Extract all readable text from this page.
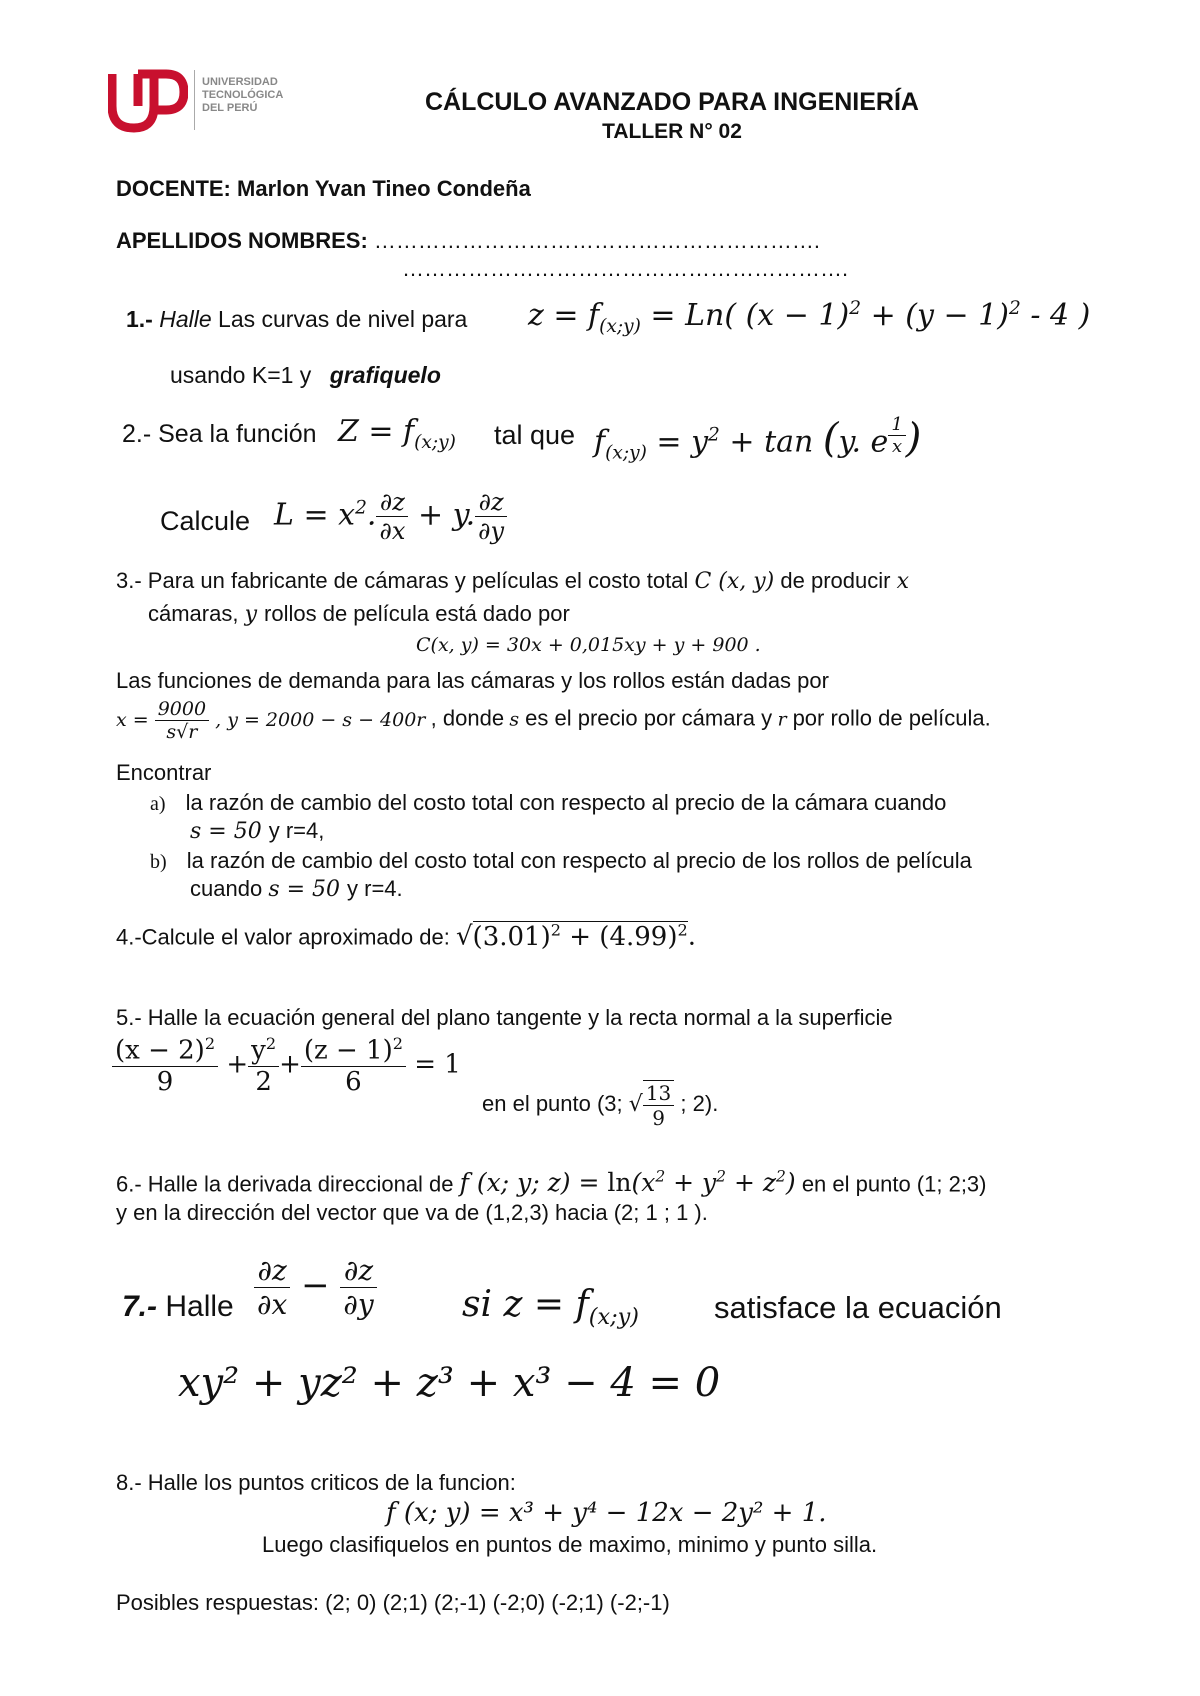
UNIVERSIDAD
TECNOLÓGICA
DEL PERÚ	CÁLCULO AVANZADO PARA INGENIERÍA
TALLER N° 02
DOCENTE: Marlon Yvan Tineo Condeña
APELLIDOS NOMBRES: …………………………………………………….
…………………………………………………….
1.- Halle Las curvas de nivel para $z = f_{(x;y)} = Ln$( $(x - 1)^2 + (y - 1)^2 - 4$ )
usando K=1 y grafiquelo
2.- Sea la función $Z = f_{(x;y)}$ tal que $f_{(x;y)} = y^2 + \tan (y$. e $^{\frac{1}{x}}$ )
Calcule $L = x^2$. $\frac{\partial z}{\partial x} + y$. $\frac{\partial z}{\partial y}$
3.- Para un fabricante de cámaras y películas el costo total C (x, y) de producir x
cámaras, y rollos de película está dado por
C(x, y) = 30x + 0,015xy + y + 900 .
Las funciones de demanda para las cámaras y los rollos están dadas por
$x = \frac{9000}{s√r}$ , y = 2000 − s − 400r , donde s es el precio por cámara y r por rollo de película.
Encontrar
a) la razón de cambio del costo total con respecto al precio de la cámara cuando
s = 50 y r=4,
b) la razón de cambio del costo total con respecto al precio de los rollos de película
cuando s = 50 y r=4.
4.-Calcule el valor aproximado de: $√(3.01)^2 + (4.99)^2$.
5.- Halle la ecuación general del plano tangente y la recta normal a la superficie
$\frac{(x - 2)^2}{9} + \frac{y^2}{2} + \frac{(z - 1)^2}{6} = 1$
en el punto (3; √ $\frac{13}{9}$ ; 2).
6.- Halle la derivada direccional de f (x; y; $z) = \ln(x^2 + y^2 + z^2)$ en el punto (1; 2;3)
y en la dirección del vector que va de (1,2,3) hacia (2; 1 ; 1 ).
7.- Halle $\frac{\partial z}{\partial x} - \frac{\partial z}{\partial y}$ si $z = f_{(x;y)}$ satisface la ecuación
xy² + yz² + z³ + x³ − 4 = 0
8.- Halle los puntos criticos de la funcion:
f (x; y) = x³ + y⁴ − 12x − 2y² + 1.
Luego clasifiquelos en puntos de maximo, minimo y punto silla.
Posibles respuestas: (2; 0) (2;1) (2;-1) (-2;0) (-2;1) (-2;-1)
